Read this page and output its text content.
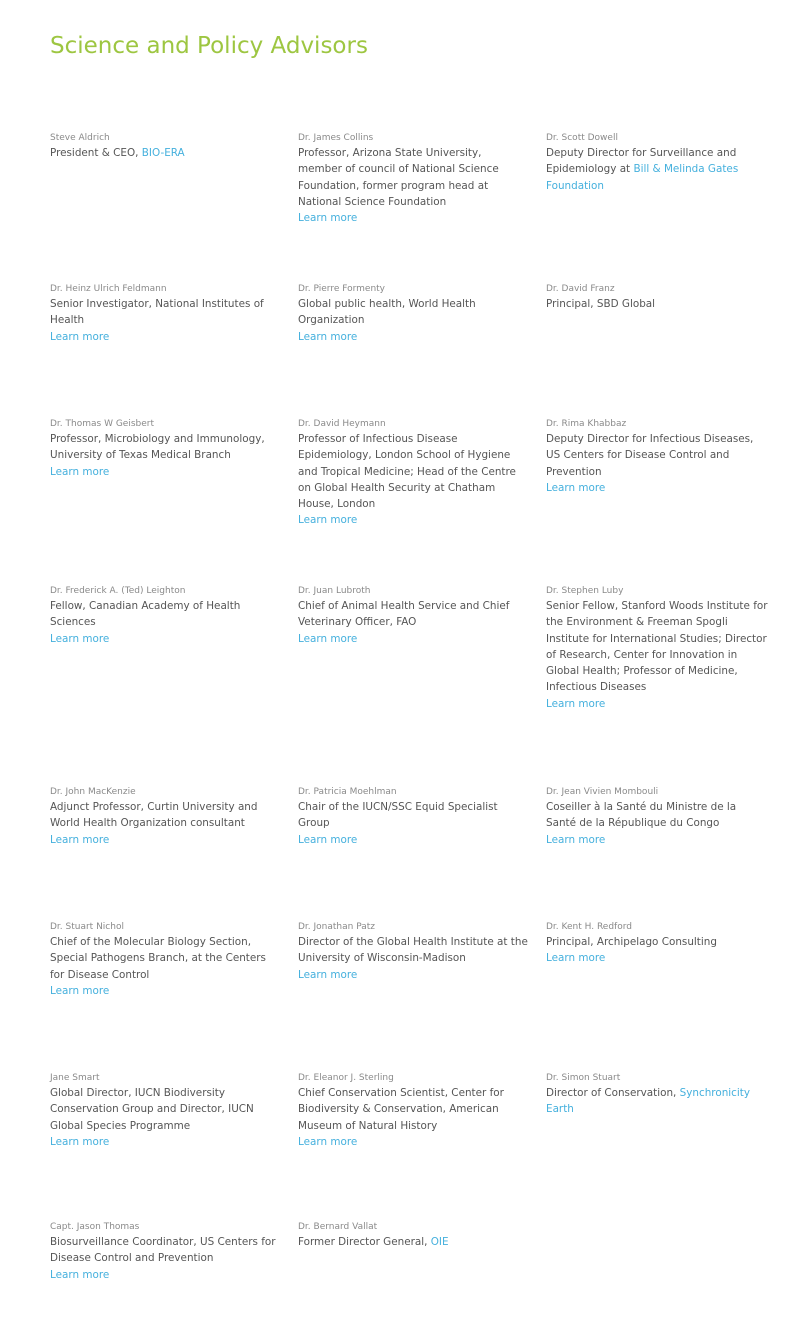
Science and Policy Advisors
Steve Aldrich
President & CEO, BIO-ERA
Dr. James Collins
Professor, Arizona State University, member of council of National Science Foundation, former program head at National Science Foundation
Learn more
Dr. Scott Dowell
Deputy Director for Surveillance and Epidemiology at Bill & Melinda Gates Foundation
Dr. Heinz Ulrich Feldmann
Senior Investigator, National Institutes of Health
Learn more
Dr. Pierre Formenty
Global public health, World Health Organization
Learn more
Dr. David Franz
Principal, SBD Global
Dr. Thomas W Geisbert
Professor, Microbiology and Immunology, University of Texas Medical Branch
Learn more
Dr. David Heymann
Professor of Infectious Disease Epidemiology, London School of Hygiene and Tropical Medicine; Head of the Centre on Global Health Security at Chatham House, London
Learn more
Dr. Rima Khabbaz
Deputy Director for Infectious Diseases, US Centers for Disease Control and Prevention
Learn more
Dr. Frederick A. (Ted) Leighton
Fellow, Canadian Academy of Health Sciences
Learn more
Dr. Juan Lubroth
Chief of Animal Health Service and Chief Veterinary Officer, FAO
Learn more
Dr. Stephen Luby
Senior Fellow, Stanford Woods Institute for the Environment & Freeman Spogli Institute for International Studies; Director of Research, Center for Innovation in Global Health; Professor of Medicine, Infectious Diseases
Learn more
Dr. John MacKenzie
Adjunct Professor, Curtin University and World Health Organization consultant
Learn more
Dr. Patricia Moehlman
Chair of the IUCN/SSC Equid Specialist Group
Learn more
Dr. Jean Vivien Mombouli
Coseiller à la Santé du Ministre de la Santé de la République du Congo
Learn more
Dr. Stuart Nichol
Chief of the Molecular Biology Section, Special Pathogens Branch, at the Centers for Disease Control
Learn more
Dr. Jonathan Patz
Director of the Global Health Institute at the University of Wisconsin-Madison
Learn more
Dr. Kent H. Redford
Principal, Archipelago Consulting
Learn more
Jane Smart
Global Director, IUCN Biodiversity Conservation Group and Director, IUCN Global Species Programme
Learn more
Dr. Eleanor J. Sterling
Chief Conservation Scientist, Center for Biodiversity & Conservation, American Museum of Natural History
Learn more
Dr. Simon Stuart
Director of Conservation, Synchronicity Earth
Capt. Jason Thomas
Biosurveillance Coordinator, US Centers for Disease Control and Prevention
Learn more
Dr. Bernard Vallat
Former Director General, OIE
